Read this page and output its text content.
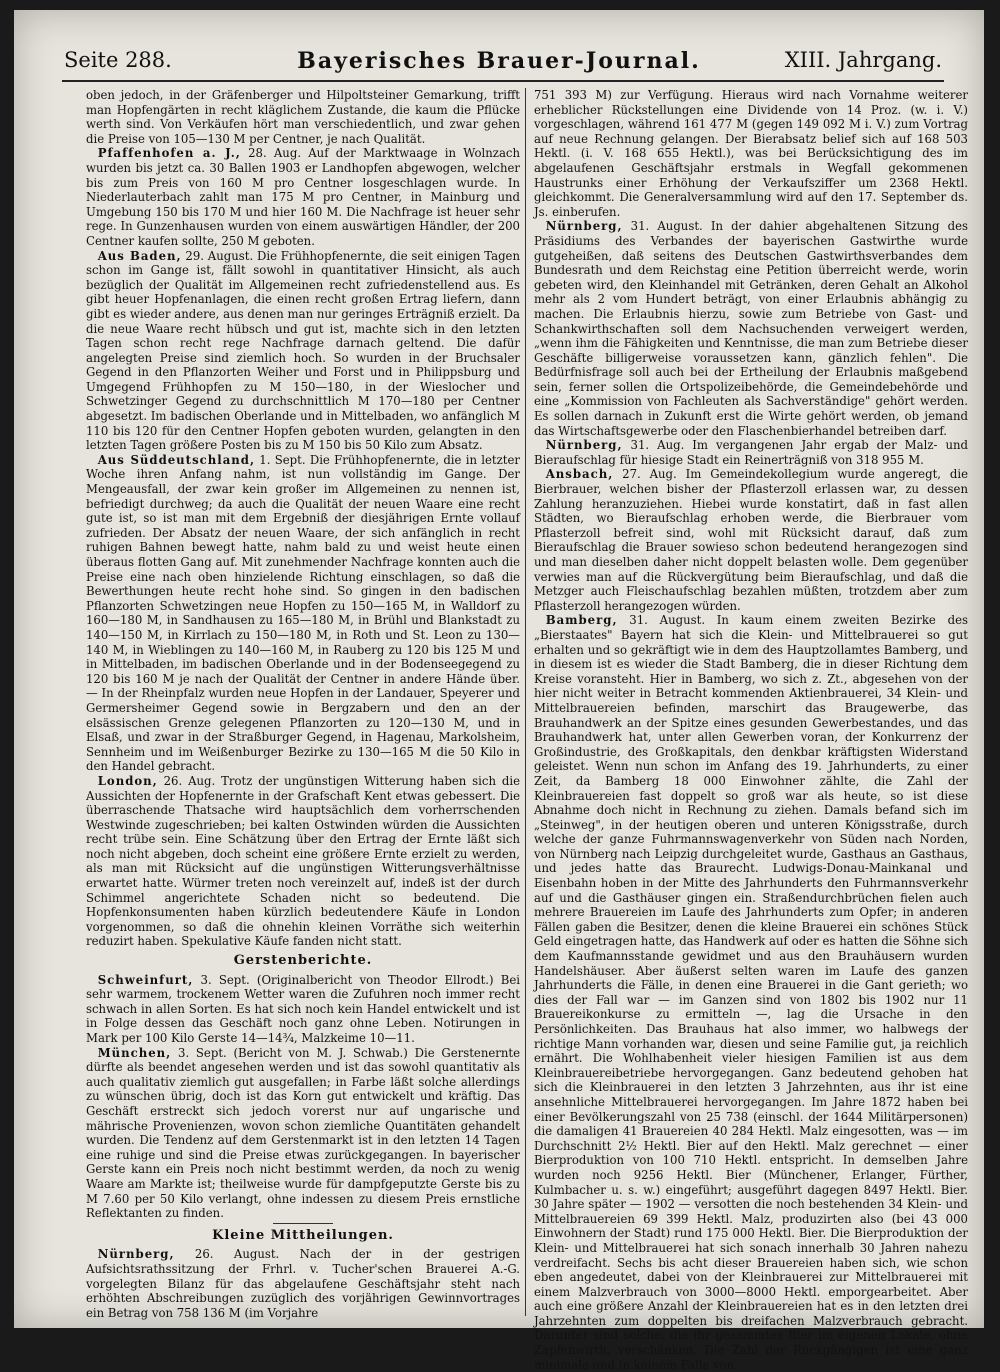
Seite 288.	Bayerisches Brauer-Journal.	XIII. Jahrgang.

oben jedoch, in der Gräfenberger und Hilpoltsteiner Gemarkung, trifft man Hopfengärten in recht kläglichem Zustande, die kaum die Pflücke werth sind. Von Verkäufen hört man verschiedentlich, und zwar gehen die Preise von 105—130 M per Centner, je nach Qualität.

 Pfaffenhofen a. J., 28. Aug. Auf der Marktwaage in Wolnzach wurden bis jetzt ca. 30 Ballen 1903 er Landhopfen abgewogen, welcher bis zum Preis von 160 M pro Centner losgeschlagen wurde. In Niederlauterbach zahlt man 175 M pro Centner, in Mainburg und Umgebung 150 bis 170 M und hier 160 M. Die Nachfrage ist heuer sehr rege. In Gunzenhausen wurden von einem auswärtigen Händler, der 200 Centner kaufen sollte, 250 M geboten.

 Aus Baden, 29. August. Die Frühhopfenernte, die seit einigen Tagen schon im Gange ist, fällt sowohl in quantitativer Hinsicht, als auch bezüglich der Qualität im Allgemeinen recht zufriedenstellend aus. Es gibt heuer Hopfenanlagen, die einen recht großen Ertrag liefern, dann gibt es wieder andere, aus denen man nur geringes Erträgniß erzielt. Da die neue Waare recht hübsch und gut ist, machte sich in den letzten Tagen schon recht rege Nachfrage darnach geltend. Die dafür angelegten Preise sind ziemlich hoch. So wurden in der Bruchsaler Gegend in den Pflanzorten Weiher und Forst und in Philippsburg und Umgegend Frühhopfen zu M 150—180, in der Wieslocher und Schwetzinger Gegend zu durchschnittlich M 170—180 per Centner abgesetzt. Im badischen Oberlande und in Mittelbaden, wo anfänglich M 110 bis 120 für den Centner Hopfen geboten wurden, gelangten in den letzten Tagen größere Posten bis zu M 150 bis 50 Kilo zum Absatz.

 Aus Süddeutschland, 1. Sept. Die Frühhopfenernte, die in letzter Woche ihren Anfang nahm, ist nun vollständig im Gange. Der Mengeausfall, der zwar kein großer im Allgemeinen zu nennen ist, befriedigt durchweg; da auch die Qualität der neuen Waare eine recht gute ist, so ist man mit dem Ergebniß der diesjährigen Ernte vollauf zufrieden. Der Absatz der neuen Waare, der sich anfänglich in recht ruhigen Bahnen bewegt hatte, nahm bald zu und weist heute einen überaus flotten Gang auf. Mit zunehmender Nachfrage konnten auch die Preise eine nach oben hinzielende Richtung einschlagen, so daß die Bewerthungen heute recht hohe sind. So gingen in den badischen Pflanzorten Schwetzingen neue Hopfen zu 150—165 M, in Walldorf zu 160—180 M, in Sandhausen zu 165—180 M, in Brühl und Blankstadt zu 140—150 M, in Kirrlach zu 150—180 M, in Roth und St. Leon zu 130—140 M, in Wieblingen zu 140—160 M, in Rauberg zu 120 bis 125 M und in Mittelbaden, im badischen Oberlande und in der Bodenseegegend zu 120 bis 160 M je nach der Qualität der Centner in andere Hände über. — In der Rheinpfalz wurden neue Hopfen in der Landauer, Speyerer und Germersheimer Gegend sowie in Bergzabern und den an der elsässischen Grenze gelegenen Pflanzorten zu 120—130 M, und in Elsaß, und zwar in der Straßburger Gegend, in Hagenau, Markolsheim, Sennheim und im Weißenburger Bezirke zu 130—165 M die 50 Kilo in den Handel gebracht.

 London, 26. Aug. Trotz der ungünstigen Witterung haben sich die Aussichten der Hopfenernte in der Grafschaft Kent etwas gebessert. Die überraschende Thatsache wird hauptsächlich dem vorherrschenden Westwinde zugeschrieben; bei kalten Ostwinden würden die Aussichten recht trübe sein. Eine Schätzung über den Ertrag der Ernte läßt sich noch nicht abgeben, doch scheint eine größere Ernte erzielt zu werden, als man mit Rücksicht auf die ungünstigen Witterungsverhältnisse erwartet hatte. Würmer treten noch vereinzelt auf, indeß ist der durch Schimmel angerichtete Schaden nicht so bedeutend. Die Hopfenkonsumenten haben kürzlich bedeutendere Käufe in London vorgenommen, so daß die ohnehin kleinen Vorräthe sich weiterhin reduzirt haben. Spekulative Käufe fanden nicht statt.

Gerstenberichte.

 Schweinfurt, 3. Sept. (Originalbericht von Theodor Ellrodt.) Bei sehr warmem, trockenem Wetter waren die Zufuhren noch immer recht schwach in allen Sorten. Es hat sich noch kein Handel entwickelt und ist in Folge dessen das Geschäft noch ganz ohne Leben. Notirungen in Mark per 100 Kilo Gerste 14—14¾, Malzkeime 10—11.

 München, 3. Sept. (Bericht von M. J. Schwab.) Die Gerstenernte dürfte als beendet angesehen werden und ist das sowohl quantitativ als auch qualitativ ziemlich gut ausgefallen; in Farbe läßt solche allerdings zu wünschen übrig, doch ist das Korn gut entwickelt und kräftig. Das Geschäft erstreckt sich jedoch vorerst nur auf ungarische und mährische Provenienzen, wovon schon ziemliche Quantitäten gehandelt wurden. Die Tendenz auf dem Gerstenmarkt ist in den letzten 14 Tagen eine ruhige und sind die Preise etwas zurückgegangen. In bayerischer Gerste kann ein Preis noch nicht bestimmt werden, da noch zu wenig Waare am Markte ist; theilweise wurde für dampfgeputzte Gerste bis zu M 7.60 per 50 Kilo verlangt, ohne indessen zu diesem Preis ernstliche Reflektanten zu finden.

Kleine Mittheilungen.

 Nürnberg, 26. August. Nach der in der gestrigen Aufsichtsrathssitzung der Frhrl. v. Tucher'schen Brauerei A.-G. vorgelegten Bilanz für das abgelaufene Geschäftsjahr steht nach erhöhten Abschreibungen zuzüglich des vorjährigen Gewinnvortrages ein Betrag von 758 136 M (im Vorjahre

751 393 M) zur Verfügung. Hieraus wird nach Vornahme weiterer erheblicher Rückstellungen eine Dividende von 14 Proz. (w. i. V.) vorgeschlagen, während 161 477 M (gegen 149 092 M i. V.) zum Vortrag auf neue Rechnung gelangen. Der Bierabsatz belief sich auf 168 503 Hektl. (i. V. 168 655 Hektl.), was bei Berücksichtigung des im abgelaufenen Geschäftsjahr erstmals in Wegfall gekommenen Haustrunks einer Erhöhung der Verkaufsziffer um 2368 Hektl. gleichkommt. Die Generalversammlung wird auf den 17. September ds. Js. einberufen.

 Nürnberg, 31. August. In der dahier abgehaltenen Sitzung des Präsidiums des Verbandes der bayerischen Gastwirthe wurde gutgeheißen, daß seitens des Deutschen Gastwirthsverbandes dem Bundesrath und dem Reichstag eine Petition überreicht werde, worin gebeten wird, den Kleinhandel mit Getränken, deren Gehalt an Alkohol mehr als 2 vom Hundert beträgt, von einer Erlaubnis abhängig zu machen. Die Erlaubnis hierzu, sowie zum Betriebe von Gast- und Schankwirthschaften soll dem Nachsuchenden verweigert werden, „wenn ihm die Fähigkeiten und Kenntnisse, die man zum Betriebe dieser Geschäfte billigerweise voraussetzen kann, gänzlich fehlen". Die Bedürfnisfrage soll auch bei der Ertheilung der Erlaubnis maßgebend sein, ferner sollen die Ortspolizeibehörde, die Gemeindebehörde und eine „Kommission von Fachleuten als Sachverständige" gehört werden. Es sollen darnach in Zukunft erst die Wirte gehört werden, ob jemand das Wirtschaftsgewerbe oder den Flaschenbierhandel betreiben darf.

 Nürnberg, 31. Aug. Im vergangenen Jahr ergab der Malz- und Bieraufschlag für hiesige Stadt ein Reinerträgniß von 318 955 M.

 Ansbach, 27. Aug. Im Gemeindekollegium wurde angeregt, die Bierbrauer, welchen bisher der Pflasterzoll erlassen war, zu dessen Zahlung heranzuziehen. Hiebei wurde konstatirt, daß in fast allen Städten, wo Bieraufschlag erhoben werde, die Bierbrauer vom Pflasterzoll befreit sind, wohl mit Rücksicht darauf, daß zum Bieraufschlag die Brauer sowieso schon bedeutend herangezogen sind und man dieselben daher nicht doppelt belasten wolle. Dem gegenüber verwies man auf die Rückvergütung beim Bieraufschlag, und daß die Metzger auch Fleischaufschlag bezahlen müßten, trotzdem aber zum Pflasterzoll herangezogen würden.

 Bamberg, 31. August. In kaum einem zweiten Bezirke des „Bierstaates" Bayern hat sich die Klein- und Mittelbrauerei so gut erhalten und so gekräftigt wie in dem des Hauptzollamtes Bamberg, und in diesem ist es wieder die Stadt Bamberg, die in dieser Richtung dem Kreise voransteht. Hier in Bamberg, wo sich z. Zt., abgesehen von der hier nicht weiter in Betracht kommenden Aktienbrauerei, 34 Klein- und Mittelbrauereien befinden, marschirt das Braugewerbe, das Brauhandwerk an der Spitze eines gesunden Gewerbestandes, und das Brauhandwerk hat, unter allen Gewerben voran, der Konkurrenz der Großindustrie, des Großkapitals, den denkbar kräftigsten Widerstand geleistet. Wenn nun schon im Anfang des 19. Jahrhunderts, zu einer Zeit, da Bamberg 18 000 Einwohner zählte, die Zahl der Kleinbrauereien fast doppelt so groß war als heute, so ist diese Abnahme doch nicht in Rechnung zu ziehen. Damals befand sich im „Steinweg", in der heutigen oberen und unteren Königsstraße, durch welche der ganze Fuhrmannswagenverkehr von Süden nach Norden, von Nürnberg nach Leipzig durchgeleitet wurde, Gasthaus an Gasthaus, und jedes hatte das Braurecht. Ludwigs-Donau-Mainkanal und Eisenbahn hoben in der Mitte des Jahrhunderts den Fuhrmannsverkehr auf und die Gasthäuser gingen ein. Straßendurchbrüchen fielen auch mehrere Brauereien im Laufe des Jahrhunderts zum Opfer; in anderen Fällen gaben die Besitzer, denen die kleine Brauerei ein schönes Stück Geld eingetragen hatte, das Handwerk auf oder es hatten die Söhne sich dem Kaufmannsstande gewidmet und aus den Brauhäusern wurden Handelshäuser. Aber äußerst selten waren im Laufe des ganzen Jahrhunderts die Fälle, in denen eine Brauerei in die Gant gerieth; wo dies der Fall war — im Ganzen sind von 1802 bis 1902 nur 11 Brauereikonkurse zu ermitteln —, lag die Ursache in den Persönlichkeiten. Das Brauhaus hat also immer, wo halbwegs der richtige Mann vorhanden war, diesen und seine Familie gut, ja reichlich ernährt. Die Wohlhabenheit vieler hiesigen Familien ist aus dem Kleinbrauereibetriebe hervorgegangen. Ganz bedeutend gehoben hat sich die Kleinbrauerei in den letzten 3 Jahrzehnten, aus ihr ist eine ansehnliche Mittelbrauerei hervorgegangen. Im Jahre 1872 haben bei einer Bevölkerungszahl von 25 738 (einschl. der 1644 Militärpersonen) die damaligen 41 Brauereien 40 284 Hektl. Malz eingesotten, was — im Durchschnitt 2½ Hektl. Bier auf den Hektl. Malz gerechnet — einer Bierproduktion von 100 710 Hektl. entspricht. In demselben Jahre wurden noch 9256 Hektl. Bier (Münchener, Erlanger, Fürther, Kulmbacher u. s. w.) eingeführt; ausgeführt dagegen 8497 Hektl. Bier. 30 Jahre später — 1902 — versotten die noch bestehenden 34 Klein- und Mittelbrauereien 69 399 Hektl. Malz, produzirten also (bei 43 000 Einwohnern der Stadt) rund 175 000 Hektl. Bier. Die Bierproduktion der Klein- und Mittelbrauerei hat sich sonach innerhalb 30 Jahren nahezu verdreifacht. Sechs bis acht dieser Brauereien haben sich, wie schon eben angedeutet, dabei von der Kleinbrauerei zur Mittelbrauerei mit einem Malzverbrauch von 3000—8000 Hektl. emporgearbeitet. Aber auch eine größere Anzahl der Kleinbrauereien hat es in den letzten drei Jahrzehnten zum doppelten bis dreifachen Malzverbrauch gebracht. Darunter sind solche, die ihr gesammtes Bier im eigenen Lokale, ohne Zapfenwirth, verschänken. Die Zahl der Rückgängigen ist eine ganz minimale und in keinem Falle von
